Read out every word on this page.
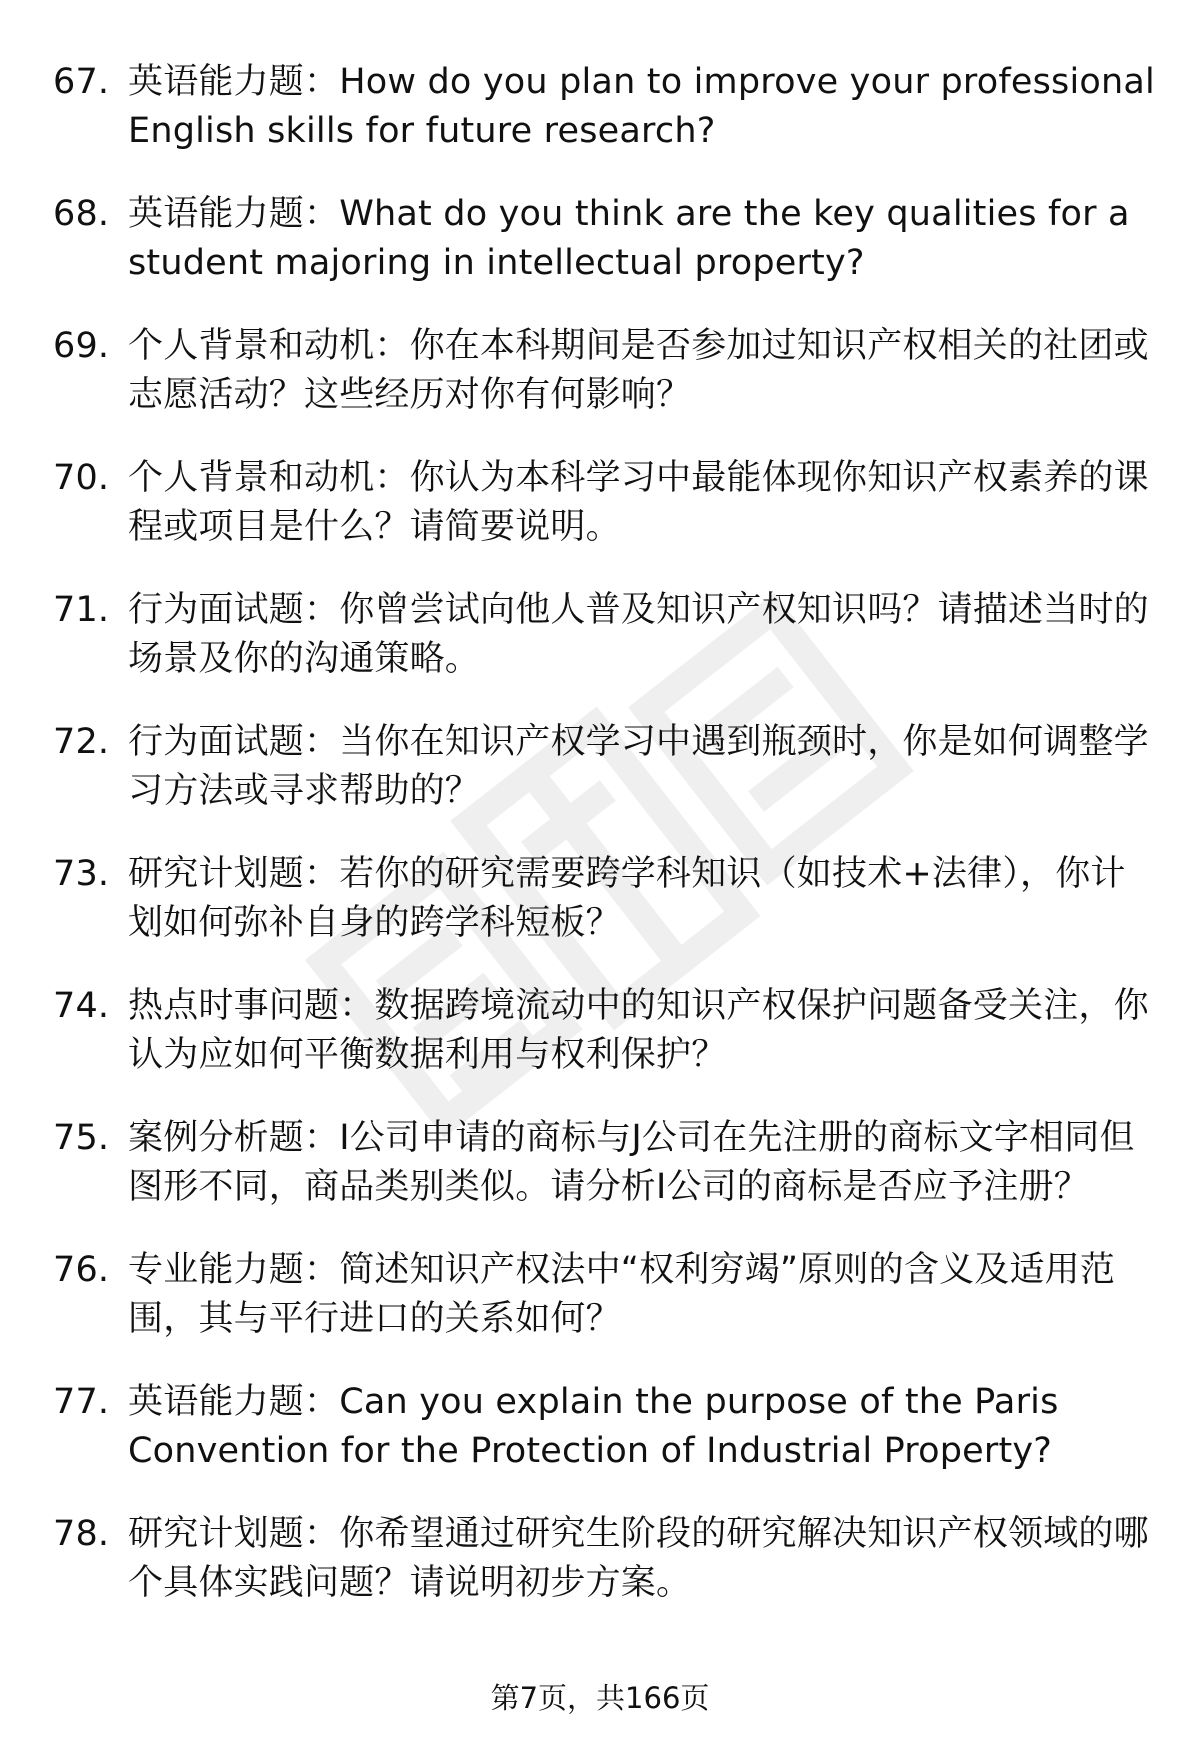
67. 英语能力题：How do you plan to improve your professional English skills for future research?
68. 英语能力题：What do you think are the key qualities for a student majoring in intellectual property?
69. 个人背景和动机：你在本科期间是否参加过知识产权相关的社团或志愿活动？这些经历对你有何影响？
70. 个人背景和动机：你认为本科学习中最能体现你知识产权素养的课程或项目是什么？请简要说明。
71. 行为面试题：你曾尝试向他人普及知识产权知识吗？请描述当时的场景及你的沟通策略。
72. 行为面试题：当你在知识产权学习中遇到瓶颈时，你是如何调整学习方法或寻求帮助的？
73. 研究计划题：若你的研究需要跨学科知识（如技术+法律），你计划如何弥补自身的跨学科短板？
74. 热点时事问题：数据跨境流动中的知识产权保护问题备受关注，你认为应如何平衡数据利用与权利保护？
75. 案例分析题：I公司申请的商标与J公司在先注册的商标文字相同但图形不同，商品类别类似。请分析I公司的商标是否应予注册？
76. 专业能力题：简述知识产权法中“权利穷竭”原则的含义及适用范围，其与平行进口的关系如何？
77. 英语能力题：Can you explain the purpose of the Paris Convention for the Protection of Industrial Property?
78. 研究计划题：你希望通过研究生阶段的研究解决知识产权领域的哪个具体实践问题？请说明初步方案。
第7页，共166页
